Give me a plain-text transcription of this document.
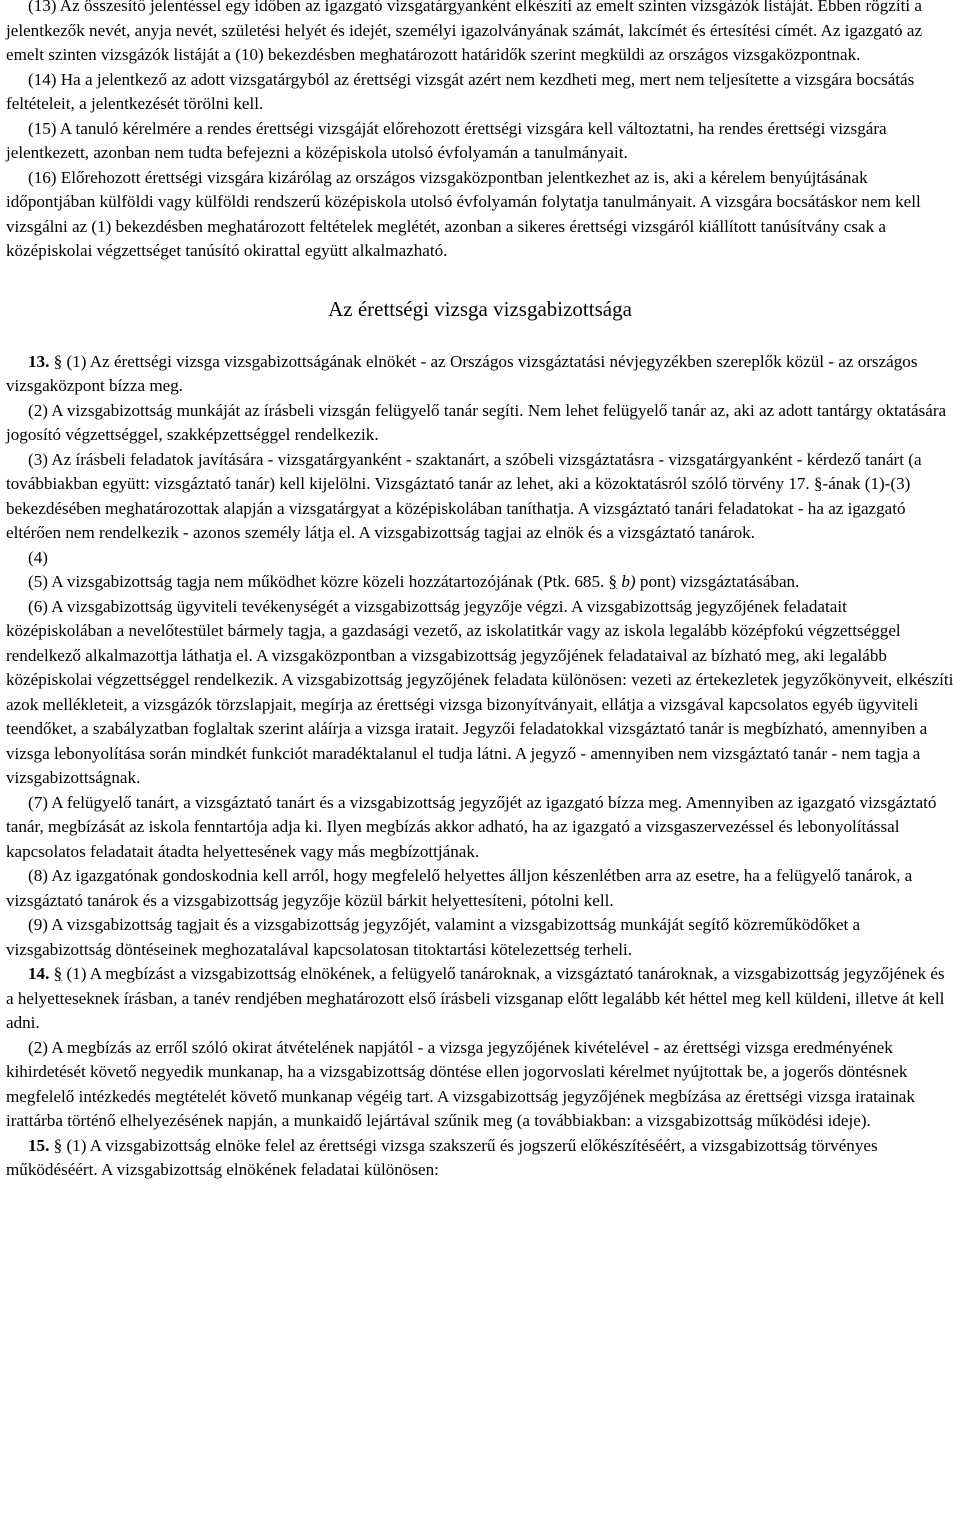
(13) Az összesítő jelentéssel egy időben az igazgató vizsgatárgyanként elkészíti az emelt szinten vizsgázók listáját. Ebben rögzíti a jelentkezők nevét, anyja nevét, születési helyét és idejét, személyi igazolványának számát, lakcímét és értesítési címét. Az igazgató az emelt szinten vizsgázók listáját a (10) bekezdésben meghatározott határidők szerint megküldi az országos vizsgaközpontnak.

(14) Ha a jelentkező az adott vizsgatárgyból az érettségi vizsgát azért nem kezdheti meg, mert nem teljesítette a vizsgára bocsátás feltételeit, a jelentkezését törölni kell.

(15) A tanuló kérelmére a rendes érettségi vizsgáját előrehozott érettségi vizsgára kell változtatni, ha rendes érettségi vizsgára jelentkezett, azonban nem tudta befejezni a középiskola utolsó évfolyamán a tanulmányait.

(16) Előrehozott érettségi vizsgára kizárólag az országos vizsgaközpontban jelentkezhet az is, aki a kérelem benyújtásának időpontjában külföldi vagy külföldi rendszerű középiskola utolsó évfolyamán folytatja tanulmányait. A vizsgára bocsátáskor nem kell vizsgálni az (1) bekezdésben meghatározott feltételek meglétét, azonban a sikeres érettségi vizsgáról kiállított tanúsítvány csak a középiskolai végzettséget tanúsító okirattal együtt alkalmazható.

Az érettségi vizsga vizsgabizottsága

13. § (1) Az érettségi vizsga vizsgabizottságának elnökét - az Országos vizsgáztatási névjegyzékben szereplők közül - az országos vizsgaközpont bízza meg.

(2) A vizsgabizottság munkáját az írásbeli vizsgán felügyelő tanár segíti. Nem lehet felügyelő tanár az, aki az adott tantárgy oktatására jogosító végzettséggel, szakképzettséggel rendelkezik.

(3) Az írásbeli feladatok javítására - vizsgatárgyanként - szaktanárt, a szóbeli vizsgáztatásra - vizsgatárgyanként - kérdező tanárt (a továbbiakban együtt: vizsgáztató tanár) kell kijelölni. Vizsgáztató tanár az lehet, aki a közoktatásról szóló törvény 17. §-ának (1)-(3) bekezdésében meghatározottak alapján a vizsgatárgyat a középiskolában taníthatja. A vizsgáztató tanári feladatokat - ha az igazgató eltérően nem rendelkezik - azonos személy látja el. A vizsgabizottság tagjai az elnök és a vizsgáztató tanárok.

(4)

(5) A vizsgabizottság tagja nem működhet közre közeli hozzátartozójának (Ptk. 685. § b) pont) vizsgáztatásában.

(6) A vizsgabizottság ügyviteli tevékenységét a vizsgabizottság jegyzője végzi. A vizsgabizottság jegyzőjének feladatait középiskolában a nevelőtestület bármely tagja, a gazdasági vezető, az iskolatitkár vagy az iskola legalább középfokú végzettséggel rendelkező alkalmazottja láthatja el. A vizsgaközpontban a vizsgabizottság jegyzőjének feladataival az bízható meg, aki legalább középiskolai végzettséggel rendelkezik. A vizsgabizottság jegyzőjének feladata különösen: vezeti az értekezletek jegyzőkönyveit, elkészíti azok mellékleteit, a vizsgázók törzslapjait, megírja az érettségi vizsga bizonyítványait, ellátja a vizsgával kapcsolatos egyéb ügyviteli teendőket, a szabályzatban foglaltak szerint aláírja a vizsga iratait. Jegyzői feladatokkal vizsgáztató tanár is megbízható, amennyiben a vizsga lebonyolítása során mindkét funkciót maradéktalanul el tudja látni. A jegyző - amennyiben nem vizsgáztató tanár - nem tagja a vizsgabizottságnak.

(7) A felügyelő tanárt, a vizsgáztató tanárt és a vizsgabizottság jegyzőjét az igazgató bízza meg. Amennyiben az igazgató vizsgáztató tanár, megbízását az iskola fenntartója adja ki. Ilyen megbízás akkor adható, ha az igazgató a vizsgaszervezéssel és lebonyolítással kapcsolatos feladatait átadta helyettesének vagy más megbízottjának.

(8) Az igazgatónak gondoskodnia kell arról, hogy megfelelő helyettes álljon készenlétben arra az esetre, ha a felügyelő tanárok, a vizsgáztató tanárok és a vizsgabizottság jegyzője közül bárkit helyettesíteni, pótolni kell.

(9) A vizsgabizottság tagjait és a vizsgabizottság jegyzőjét, valamint a vizsgabizottság munkáját segítő közreműködőket a vizsgabizottság döntéseinek meghozatalával kapcsolatosan titoktartási kötelezettség terheli.

14. § (1) A megbízást a vizsgabizottság elnökének, a felügyelő tanároknak, a vizsgáztató tanároknak, a vizsgabizottság jegyzőjének és a helyetteseknek írásban, a tanév rendjében meghatározott első írásbeli vizsganap előtt legalább két héttel meg kell küldeni, illetve át kell adni.

(2) A megbízás az erről szóló okirat átvételének napjától - a vizsga jegyzőjének kivételével - az érettségi vizsga eredményének kihirdetését követő negyedik munkanap, ha a vizsgabizottság döntése ellen jogorvoslati kérelmet nyújtottak be, a jogerős döntésnek megfelelő intézkedés megtételét követő munkanap végéig tart. A vizsgabizottság jegyzőjének megbízása az érettségi vizsga iratainak irattárba történő elhelyezésének napján, a munkaidő lejártával szűnik meg (a továbbiakban: a vizsgabizottság működési ideje).

15. § (1) A vizsgabizottság elnöke felel az érettségi vizsga szakszerű és jogszerű előkészítéséért, a vizsgabizottság törvényes működéséért. A vizsgabizottság elnökének feladatai különösen:
